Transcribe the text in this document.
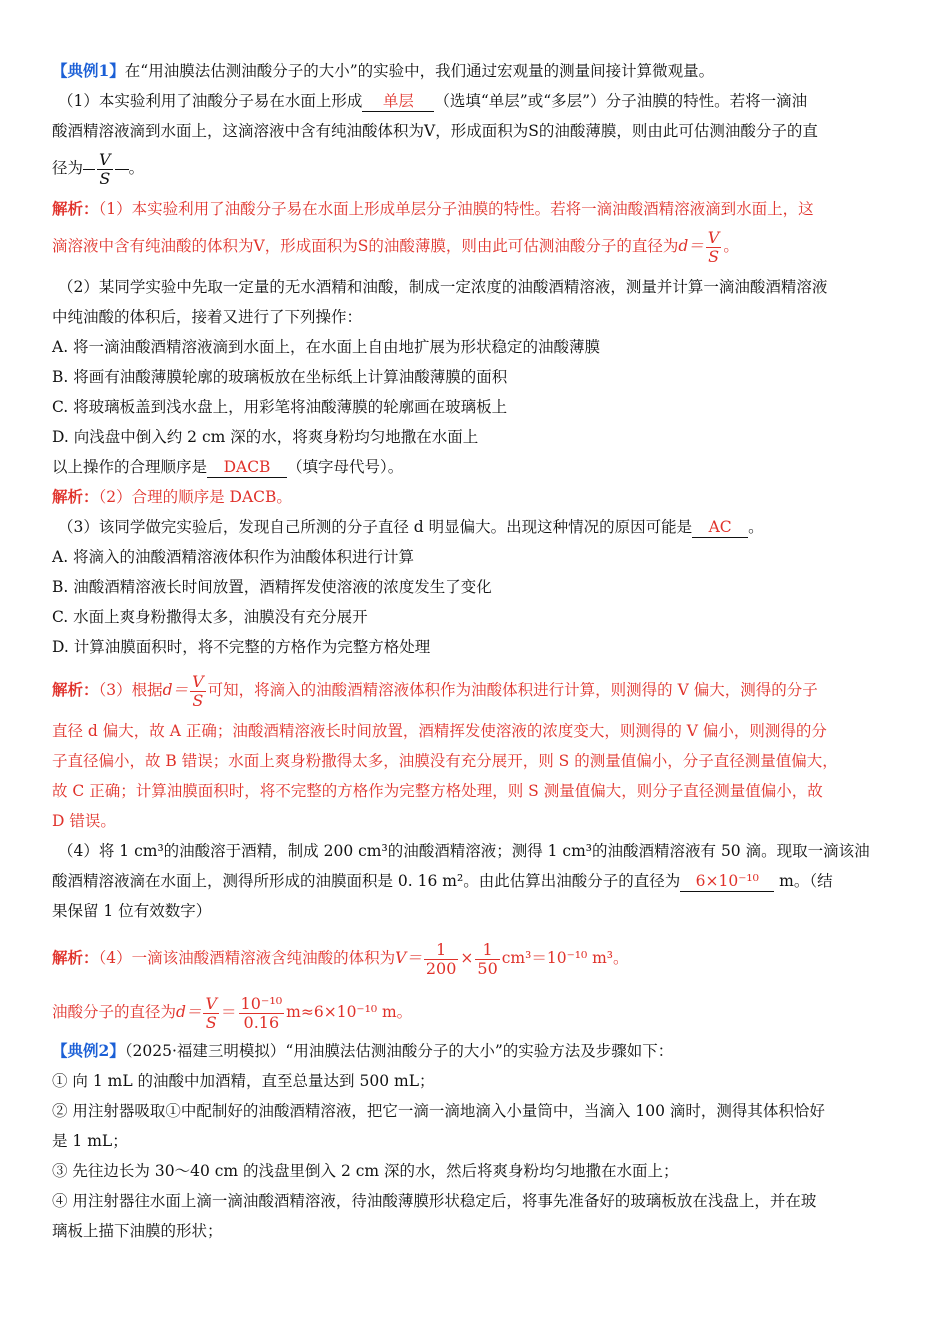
【典例1】在“用油膜法估测油酸分子的大小”的实验中，我们通过宏观量的测量间接计算微观量。
（1）本实验利用了油酸分子易在水面上形成 单层 （选填“单层”或“多层”）分子油膜的特性。若将一滴油
酸酒精溶液滴到水面上，这滴溶液中含有纯油酸体积为V，形成面积为S的油酸薄膜，则由此可估测油酸分子的直
径为 $\frac{V}{S}$ 。
解析：（1）本实验利用了油酸分子易在水面上形成单层分子油膜的特性。若将一滴油酸酒精溶液滴到水面上，这
滴溶液中含有纯油酸的体积为V，形成面积为S的油酸薄膜，则由此可估测油酸分子的直径为$d= \frac{V}{S}$ 。
（2）某同学实验中先取一定量的无水酒精和油酸，制成一定浓度的油酸酒精溶液，测量并计算一滴油酸酒精溶液
中纯油酸的体积后，接着又进行了下列操作：
A. 将一滴油酸酒精溶液滴到水面上，在水面上自由地扩展为形状稳定的油酸薄膜
B. 将画有油酸薄膜轮廓的玻璃板放在坐标纸上计算油酸薄膜的面积
C. 将玻璃板盖到浅水盘上，用彩笔将油酸薄膜的轮廓画在玻璃板上
D. 向浅盘中倒入约 2 cm 深的水，将爽身粉均匀地撒在水面上
以上操作的合理顺序是 DACB （填字母代号）。
解析：（2）合理的顺序是 DACB。
（3）该同学做完实验后，发现自己所测的分子直径 d 明显偏大。出现这种情况的原因可能是 AC 。
A. 将滴入的油酸酒精溶液体积作为油酸体积进行计算
B. 油酸酒精溶液长时间放置，酒精挥发使溶液的浓度发生了变化
C. 水面上爽身粉撒得太多，油膜没有充分展开
D. 计算油膜面积时，将不完整的方格作为完整方格处理
解析：（3）根据$d= \frac{V}{S}$ 可知，将滴入的油酸酒精溶液体积作为油酸体积进行计算，则测得的 V 偏大，测得的分子
直径 d 偏大，故 A 正确；油酸酒精溶液长时间放置，酒精挥发使溶液的浓度变大，则测得的 V 偏小，则测得的分
子直径偏小，故 B 错误；水面上爽身粉撒得太多，油膜没有充分展开，则 S 的测量值偏小，分子直径测量值偏大，
故 C 正确；计算油膜面积时，将不完整的方格作为完整方格处理，则 S 测量值偏大，则分子直径测量值偏小，故
D 错误。
（4）将 1 cm³的油酸溶于酒精，制成 200 cm³的油酸酒精溶液；测得 1 cm³的油酸酒精溶液有 50 滴。现取一滴该油
酸酒精溶液滴在水面上，测得所形成的油膜面积是 0. 16 m²。由此估算出油酸分子的直径为 6×10⁻¹⁰ m。（结
果保留 1 位有效数字）
解析：（4）一滴该油酸酒精溶液含纯油酸的体积为$V= \frac{1}{200} \times \frac{1}{50} cm^3=10^{-10}$ m³。
油酸分子的直径为$d= \frac{V}{S} = \frac{\text{10⁻¹⁰}}{0.16} m\approx 6\times 10^{-10}$ m。
【典例2】（2025·福建三明模拟）“用油膜法估测油酸分子的大小”的实验方法及步骤如下：
① 向 1 mL 的油酸中加酒精，直至总量达到 500 mL；
② 用注射器吸取①中配制好的油酸酒精溶液，把它一滴一滴地滴入小量筒中，当滴入 100 滴时，测得其体积恰好
是 1 mL；
③ 先往边长为 30～40 cm 的浅盘里倒入 2 cm 深的水，然后将爽身粉均匀地撒在水面上；
④ 用注射器往水面上滴一滴油酸酒精溶液，待油酸薄膜形状稳定后，将事先准备好的玻璃板放在浅盘上，并在玻
璃板上描下油膜的形状；
